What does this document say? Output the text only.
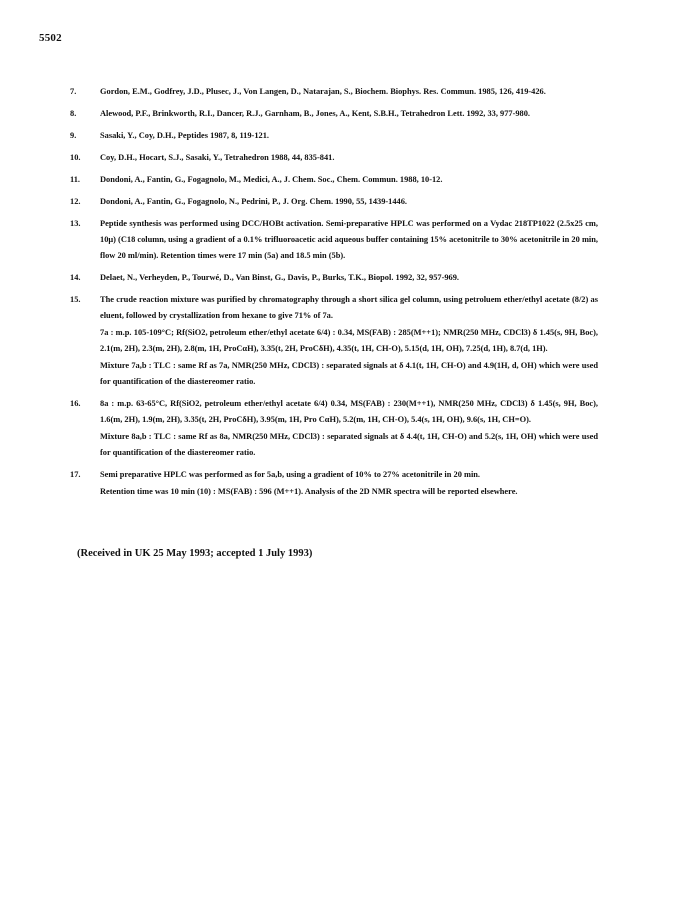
5502
7.	Gordon, E.M., Godfrey, J.D., Plusec, J., Von Langen, D., Natarajan, S., Biochem. Biophys. Res. Commun. 1985, 126, 419-426.

8.	Alewood, P.F., Brinkworth, R.I., Dancer, R.J., Garnham, B., Jones, A., Kent, S.B.H., Tetrahedron Lett. 1992, 33, 977-980.

9.	Sasaki, Y., Coy, D.H., Peptides 1987, 8, 119-121.

10.	Coy, D.H., Hocart, S.J., Sasaki, Y., Tetrahedron 1988, 44, 835-841.

11.	Dondoni, A., Fantin, G., Fogagnolo, M., Medici, A., J. Chem. Soc., Chem. Commun. 1988, 10-12.

12.	Dondoni, A., Fantin, G., Fogagnolo, N., Pedrini, P., J. Org. Chem. 1990, 55, 1439-1446.

13.	Peptide synthesis was performed using DCC/HOBt activation. Semi-preparative HPLC was performed on a Vydac 218TP1022 (2.5x25 cm, 10μ) (C18 column, using a gradient of a 0.1% trifluoroacetic acid aqueous buffer containing 15% acetonitrile to 30% acetonitrile in 20 min, flow 20 ml/min). Retention times were 17 min (5a) and 18.5 min (5b).

14.	Delaet, N., Verheyden, P., Tourwé, D., Van Binst, G., Davis, P., Burks, T.K., Biopol. 1992, 32, 957-969.

15.	The crude reaction mixture was purified by chromatography through a short silica gel column, using petroluem ether/ethyl acetate (8/2) as eluent, followed by crystallization from hexane to give 71% of 7a.

7a : m.p. 105-109°C; Rf(SiO2, petroleum ether/ethyl acetate 6/4) : 0.34, MS(FAB) : 285(M++1); NMR(250 MHz, CDCl3) δ 1.45(s, 9H, Boc), 2.1(m, 2H), 2.3(m, 2H), 2.8(m, 1H, ProCαH), 3.35(t, 2H, ProCδH), 4.35(t, 1H, CH-O), 5.15(d, 1H, OH), 7.25(d, 1H), 8.7(d, 1H).

Mixture 7a,b : TLC : same Rf as 7a, NMR(250 MHz, CDCl3) : separated signals at δ 4.1(t, 1H, CH-O) and 4.9(1H, d, OH) which were used for quantification of the diastereomer ratio.

16.	8a : m.p. 63-65°C, Rf(SiO2, petroleum ether/ethyl acetate 6/4) 0.34, MS(FAB) : 230(M++1), NMR(250 MHz, CDCl3) δ 1.45(s, 9H, Boc), 1.6(m, 2H), 1.9(m, 2H), 3.35(t, 2H, ProCδH), 3.95(m, 1H, Pro CαH), 5.2(m, 1H, CH-O), 5.4(s, 1H, OH), 9.6(s, 1H, CH=O).

Mixture 8a,b : TLC : same Rf as 8a, NMR(250 MHz, CDCl3) : separated signals at δ 4.4(t, 1H, CH-O) and 5.2(s, 1H, OH) which were used for quantification of the diastereomer ratio.

17.	Semi preparative HPLC was performed as for 5a,b, using a gradient of 10% to 27% acetonitrile in 20 min.

Retention time was 10 min (10) : MS(FAB) : 596 (M++1). Analysis of the 2D NMR spectra will be reported elsewhere.

(Received in UK 25 May 1993; accepted 1 July 1993)
